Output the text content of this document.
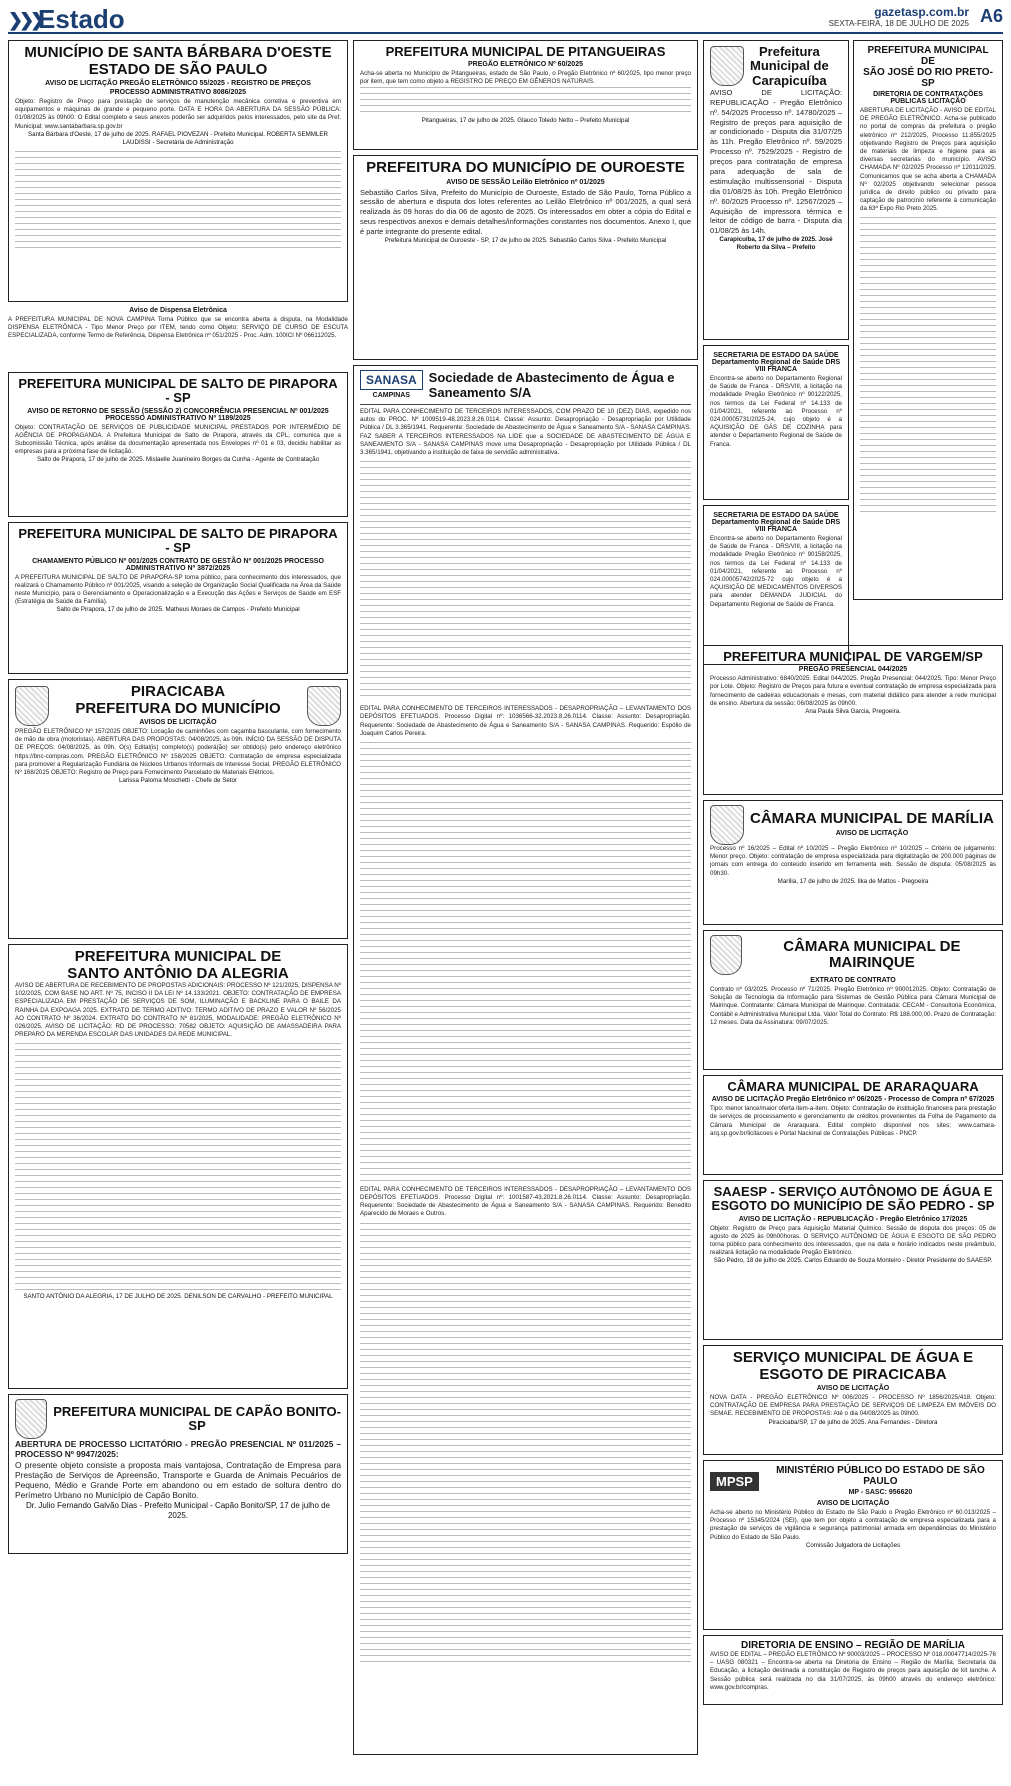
❯❯❯
Estado	gazetasp.com.br
SEXTA-FEIRA, 18 DE JULHO DE 2025 A6
MUNICÍPIO DE SANTA BÁRBARA D'OESTE
ESTADO DE SÃO PAULO
AVISO DE LICITAÇÃO PREGÃO ELETRÔNICO 55/2025 - REGISTRO DE PREÇOS
PROCESSO ADMINISTRATIVO 8086/2025
Objeto: Registro de Preço para prestação de serviços de manutenção mecânica corretiva e preventiva em equipamentos e máquinas de grande e pequeno porte. DATA E HORA DA ABERTURA DA SESSÃO PÚBLICA: 01/08/2025 às 09h00. O Edital completo e seus anexos poderão ser adquiridos pelos interessados, pelo site da Pref. Municipal: www.santabarbara.sp.gov.br
Santa Bárbara d'Oeste, 17 de julho de 2025. RAFAEL PIOVEZAN - Prefeito Municipal. ROBERTA SEMMLER LAUDISSI - Secretária de Administração
Aviso de Dispensa Eletrônica
A PREFEITURA MUNICIPAL DE NOVA CAMPINA Torna Público que se encontra aberta a disputa, na Modalidade DISPENSA ELETRÔNICA - Tipo Menor Preço por ITEM, tendo como Objeto: SERVIÇO DE CURSO DE ESCUTA ESPECIALIZADA, conforme Termo de Referência, Dispensa Eletrônica nº 051/2025 - Proc. Adm. 100ICI Nº 066112025.
PREFEITURA MUNICIPAL DE SALTO DE PIRAPORA - SP
AVISO DE RETORNO DE SESSÃO (SESSÃO 2) CONCORRÊNCIA PRESENCIAL Nº 001/2025 PROCESSO ADMINISTRATIVO Nº 1189/2025
Objeto: CONTRATAÇÃO DE SERVIÇOS DE PUBLICIDADE MUNICIPAL PRESTADOS POR INTERMÉDIO DE AGÊNCIA DE PROPAGANDA. A Prefeitura Municipal de Salto de Pirapora, através da CPL, comunica que a Subcomissão Técnica, após análise da documentação apresentada nos Envelopes nº 01 e 03, decidiu habilitar as empresas para a próxima fase de licitação.
Salto de Pirapora, 17 de julho de 2025. Mislaelle Juanineiro Borges da Cunha - Agente de Contratação
PREFEITURA MUNICIPAL DE SALTO DE PIRAPORA - SP
CHAMAMENTO PÚBLICO Nº 001/2025 CONTRATO DE GESTÃO Nº 001/2025 PROCESSO ADMINISTRATIVO Nº 3872/2025
A PREFEITURA MUNICIPAL DE SALTO DE PIRAPORA-SP torna público, para conhecimento dos interessados, que realizará o Chamamento Público nº 001/2025, visando a seleção de Organização Social Qualificada na Área da Saúde neste Município, para o Gerenciamento e Operacionalização e a Execução das Ações e Serviços de Saúde em ESF (Estratégia de Saúde da Família).
Salto de Pirapora, 17 de julho de 2025. Matheus Moraes de Campos - Prefeito Municipal
PIRACICABA
PREFEITURA DO MUNICÍPIO
AVISOS DE LICITAÇÃO
PREGÃO ELETRÔNICO Nº 157/2025 OBJETO: Locação de caminhões com caçamba basculante, com fornecimento de mão de obra (motoristas). ABERTURA DAS PROPOSTAS: 04/08/2025, às 09h. INÍCIO DA SESSÃO DE DISPUTA DE PREÇOS: 04/08/2025, às 09h. O(s) Edital(is) completo(s) poderá(ão) ser obtido(s) pelo endereço eletrônico https://bnc-compras.com. PREGÃO ELETRÔNICO Nº 158/2025 OBJETO: Contratação de empresa especializada para promover a Regularização Fundiária de Núcleos Urbanos Informais de Interesse Social. PREGÃO ELETRÔNICO Nº 168/2025 OBJETO: Registro de Preço para Fornecimento Parcelado de Materiais Elétricos.
Larissa Paloma Moschetti - Chefe de Setor
PREFEITURA MUNICIPAL DE
SANTO ANTÔNIO DA ALEGRIA
AVISO DE ABERTURA DE RECEBIMENTO DE PROPOSTAS ADICIONAIS: PROCESSO Nº 121/2025, DISPENSA Nº 102/2025, COM BASE NO ART. Nº 75, INCISO II DA LEI Nº 14.133/2021. OBJETO: CONTRATAÇÃO DE EMPRESA ESPECIALIZADA EM PRESTAÇÃO DE SERVIÇOS DE SOM, ILUMINAÇÃO E BACKLINE PARA O BAILE DA RAINHA DA EXPOAGA 2025. EXTRATO DE TERMO ADITIVO: TERMO ADITIVO DE PRAZO E VALOR Nº 56/2025 AO CONTRATO Nº 36/2024. EXTRATO DO CONTRATO Nº 81/2025, MODALIDADE: PREGÃO ELETRÔNICO Nº 026/2025. AVISO DE LICITAÇÃO: RD DE PROCESSO: 70582 OBJETO: AQUISIÇÃO DE AMASSADEIRA PARA PREPARO DA MERENDA ESCOLAR DAS UNIDADES DA REDE MUNICIPAL.
SANTO ANTÔNIO DA ALEGRIA, 17 DE JULHO DE 2025. DENILSON DE CARVALHO - PREFEITO MUNICIPAL
PREFEITURA MUNICIPAL DE CAPÃO BONITO-SP
ABERTURA DE PROCESSO LICITATÓRIO - PREGÃO PRESENCIAL Nº 011/2025 – PROCESSO Nº 9947/2025:
O presente objeto consiste a proposta mais vantajosa, Contratação de Empresa para Prestação de Serviços de Apreensão, Transporte e Guarda de Animais Pecuários de Pequeno, Médio e Grande Porte em abandono ou em estado de soltura dentro do Perímetro Urbano no Município de Capão Bonito.
Dr. Julio Fernando Galvão Dias - Prefeito Municipal - Capão Bonito/SP, 17 de julho de 2025.
PREFEITURA MUNICIPAL DE PITANGUEIRAS
PREGÃO ELETRÔNICO Nº 60/2025
Acha-se aberta no Município de Pitangueiras, estado de São Paulo, o Pregão Eletrônico nº 60/2025, tipo menor preço por item, que tem como objeto a REGISTRO DE PREÇO EM GÊNEROS NATURAIS.
Pitangueiras, 17 de julho de 2025. Glauco Toledo Netto – Prefeito Municipal
PREFEITURA DO MUNICÍPIO DE OUROESTE
AVISO DE SESSÃO Leilão Eletrônico nº 01/2025
Sebastião Carlos Silva, Prefeito do Município de Ouroeste, Estado de São Paulo, Torna Público a sessão de abertura e disputa dos lotes referentes ao Leilão Eletrônico nº 001/2025, a qual será realizada às 09 horas do dia 06 de agosto de 2025. Os interessados em obter a cópia do Edital e seus respectivos anexos e demais detalhes/informações constantes nos documentos. Anexo I, que é parte integrante do presente edital.
Prefeitura Municipal de Ouroeste - SP, 17 de julho de 2025. Sebastião Carlos Silva - Prefeito Municipal
SANASA
CAMPINAS
Sociedade de Abastecimento de Água e Saneamento S/A
EDITAL PARA CONHECIMENTO DE TERCEIROS INTERESSADOS, COM PRAZO DE 10 (DEZ) DIAS, expedido nos autos do PROC. Nº 1009519-48.2023.8.26.0114. Classe: Assunto: Desapropriação - Desapropriação por Utilidade Pública / DL 3.365/1941. Requerente: Sociedade de Abastecimento de Água e Saneamento S/A - SANASA CAMPINAS. FAZ SABER A TERCEIROS INTERESSADOS NA LIDE que a SOCIEDADE DE ABASTECIMENTO DE ÁGUA E SANEAMENTO S/A - SANASA CAMPINAS move uma Desapropriação - Desapropriação por Utilidade Pública / DL 3.365/1941, objetivando a instituição de faixa de servidão administrativa.
EDITAL PARA CONHECIMENTO DE TERCEIROS INTERESSADOS - DESAPROPRIAÇÃO – LEVANTAMENTO DOS DEPÓSITOS EFETUADOS. Processo Digital nº: 1036566-32.2023.8.26.0114. Classe: Assunto: Desapropriação. Requerente: Sociedade de Abastecimento de Água e Saneamento S/A - SANASA CAMPINAS. Requerido: Espólio de Joaquim Carlos Pereira.
EDITAL PARA CONHECIMENTO DE TERCEIROS INTERESSADOS - DESAPROPRIAÇÃO – LEVANTAMENTO DOS DEPÓSITOS EFETUADOS. Processo Digital nº: 1001587-43.2021.8.26.0114. Classe: Assunto: Desapropriação. Requerente: Sociedade de Abastecimento de Água e Saneamento S/A - SANASA CAMPINAS. Requerido: Benedito Aparecido de Moraes e Outros.
Prefeitura
Municipal de
Carapicuíba
AVISO DE LICITAÇÃO: REPUBLICAÇÃO - Pregão Eletrônico nº. 54/2025 Processo nº. 14780/2025 – Registro de preços para aquisição de ar condicionado - Disputa dia 31/07/25 às 11h. Pregão Eletrônico nº. 59/2025 Processo nº. 7529/2025 - Registro de preços para contratação de empresa para adequação de sala de estimulação multissensorial - Disputa dia 01/08/25 às 10h. Pregão Eletrônico nº. 60/2025 Processo nº. 12567/2025 – Aquisição de impressora térmica e leitor de código de barra - Disputa dia 01/08/25 às 14h.
Carapicuíba, 17 de julho de 2025. José Roberto da Silva – Prefeito
SECRETARIA DE ESTADO DA SAÚDE Departamento Regional de Saúde DRS VIII FRANCA
Encontra-se aberto no Departamento Regional de Saúde de Franca - DRS/VIII, a licitação na modalidade Pregão Eletrônico nº 90122/2025, nos termos da Lei Federal nº 14.133 de 01/04/2021, referente ao Processo nº 024.00005731/2025-24, cujo objeto é a AQUISIÇÃO DE GÁS DE COZINHA para atender o Departamento Regional de Saúde de Franca.
SECRETARIA DE ESTADO DA SAÚDE Departamento Regional de Saúde DRS VIII FRANCA
Encontra-se aberto no Departamento Regional de Saúde de Franca - DRS/VIII, a licitação na modalidade Pregão Eletrônico nº 90158/2025, nos termos da Lei Federal nº 14.133 de 01/04/2021, referente ao Processo nº 024.00005742/2025-72 cujo objeto é a AQUISIÇÃO DE MEDICAMENTOS DIVERSOS para atender DEMANDA JUDICIAL do Departamento Regional de Saúde de Franca.
PREFEITURA MUNICIPAL DE
SÃO JOSÉ DO RIO PRETO-SP
DIRETORIA DE CONTRATAÇÕES PÚBLICAS LICITAÇÃO
ABERTURA DE LICITAÇÃO - AVISO DE EDITAL DE PREGÃO ELETRÔNICO. Acha-se publicado no portal de compras da prefeitura o pregão eletrônico nº 212/2025, Processo 11.855/2025 objetivando Registro de Preços para aquisição de materiais de limpeza e higiene para as diversas secretarias do município. AVISO CHAMADA Nº 02/2025 Processo nº 12011/2025. Comunicamos que se acha aberta a CHAMADA Nº 02/2025 objetivando selecionar pessoa jurídica de direito público ou privado para captação de patrocínio referente à comunicação da 63ª Expo Rio Preto 2025.
PREFEITURA MUNICIPAL DE VARGEM/SP
PREGÃO PRESENCIAL 044/2025
Processo Administrativo: 6840/2025. Edital 044/2025. Pregão Presencial: 044/2025. Tipo: Menor Preço por Lote. Objeto: Registro de Preços para futura e eventual contratação de empresa especializada para fornecimento de cadeiras educacionais e mesas, com material didático para atender a rede municipal de ensino. Abertura da sessão: 06/08/2025 às 09h00.
Ana Paula Silva Garcia, Pregoeira.
CÂMARA MUNICIPAL DE MARÍLIA
AVISO DE LICITAÇÃO
Processo nº 16/2025 – Edital nº 10/2025 – Pregão Eletrônico nº 10/2025 – Critério de julgamento: Menor preço. Objeto: contratação de empresa especializada para digitalização de 200.000 páginas de jornais com entrega do conteúdo inserido em ferramenta web. Sessão de disputa: 05/08/2025 às 09h30.
Marília, 17 de julho de 2025. Ilka de Mattos - Pregoeira
CÂMARA MUNICIPAL DE MAIRINQUE
EXTRATO DE CONTRATO
Contrato nº 03/2025. Processo nº 71/2025. Pregão Eletrônico nº 900012025. Objeto: Contratação de Solução de Tecnologia da Informação para Sistemas de Gestão Pública para Câmara Municipal de Mairinque. Contratante: Câmara Municipal de Mairinque. Contratada: CECAM - Consultoria Econômica, Contábil e Administrativa Municipal Ltda. Valor Total do Contrato: R$ 188.000,00. Prazo de Contratação: 12 meses. Data da Assinatura: 09/07/2025.
CÂMARA MUNICIPAL DE ARARAQUARA
AVISO DE LICITAÇÃO Pregão Eletrônico nº 06/2025 - Processo de Compra nº 67/2025
Tipo: menor lance/maior oferta item-a-item. Objeto: Contratação de instituição financeira para prestação de serviços de processamento e gerenciamento de créditos provenientes da Folha de Pagamento da Câmara Municipal de Araraquara. Edital completo disponível nos sites: www.camara-arq.sp.gov.br/licitacoes e Portal Nacional de Contratações Públicas - PNCP.
SAAESP - SERVIÇO AUTÔNOMO DE ÁGUA E ESGOTO DO MUNICÍPIO DE SÃO PEDRO - SP
AVISO DE LICITAÇÃO - REPUBLICAÇÃO - Pregão Eletrônico 17/2025
Objeto: Registro de Preço para Aquisição Material Químico. Sessão de disputa dos preços: 05 de agosto de 2025 às 09h00horas. O SERVIÇO AUTÔNOMO DE ÁGUA E ESGOTO DE SÃO PEDRO torna público para conhecimento dos interessados, que na data e horário indicados neste preâmbulo, realizará licitação na modalidade Pregão Eletrônico.
São Pedro, 18 de julho de 2025. Carlos Eduardo de Souza Monteiro - Diretor Presidente do SAAESP.
SERVIÇO MUNICIPAL DE ÁGUA E
ESGOTO DE PIRACICABA
AVISO DE LICITAÇÃO
NOVA DATA - PREGÃO ELETRÔNICO Nº 006/2025 - PROCESSO Nº 1856/2025/418. Objeto: CONTRATAÇÃO DE EMPRESA PARA PRESTAÇÃO DE SERVIÇOS DE LIMPEZA EM IMÓVEIS DO SEMAE. RECEBIMENTO DE PROPOSTAS: Até o dia 04/08/2025 às 09h00.
Piracicaba/SP, 17 de julho de 2025. Ana Fernandes - Diretora
MPSP
MINISTÉRIO PÚBLICO DO ESTADO DE SÃO PAULO
MP - SASC: 956620
AVISO DE LICITAÇÃO
Acha-se aberto no Ministério Público do Estado de São Paulo o Pregão Eletrônico nº 60.013/2025 – Processo nº 15345/2024 (SEI), que tem por objeto a contratação de empresa especializada para a prestação de serviços de vigilância e segurança patrimonial armada em dependências do Ministério Público do Estado de São Paulo.
Comissão Julgadora de Licitações
DIRETORIA DE ENSINO – REGIÃO DE MARÍLIA
AVISO DE EDITAL – PREGÃO ELETRÔNICO Nº 90003/2025 – PROCESSO Nº 018.00047714/2025-76 – UASG 080321 – Encontra-se aberta na Diretoria de Ensino – Região de Marília, Secretaria da Educação, a licitação destinada a constituição de Registro de preços para aquisição de kit lanche. A Sessão pública será realizada no dia 31/07/2025, às 09h00 através do endereço eletrônico: www.gov.br/compras.
